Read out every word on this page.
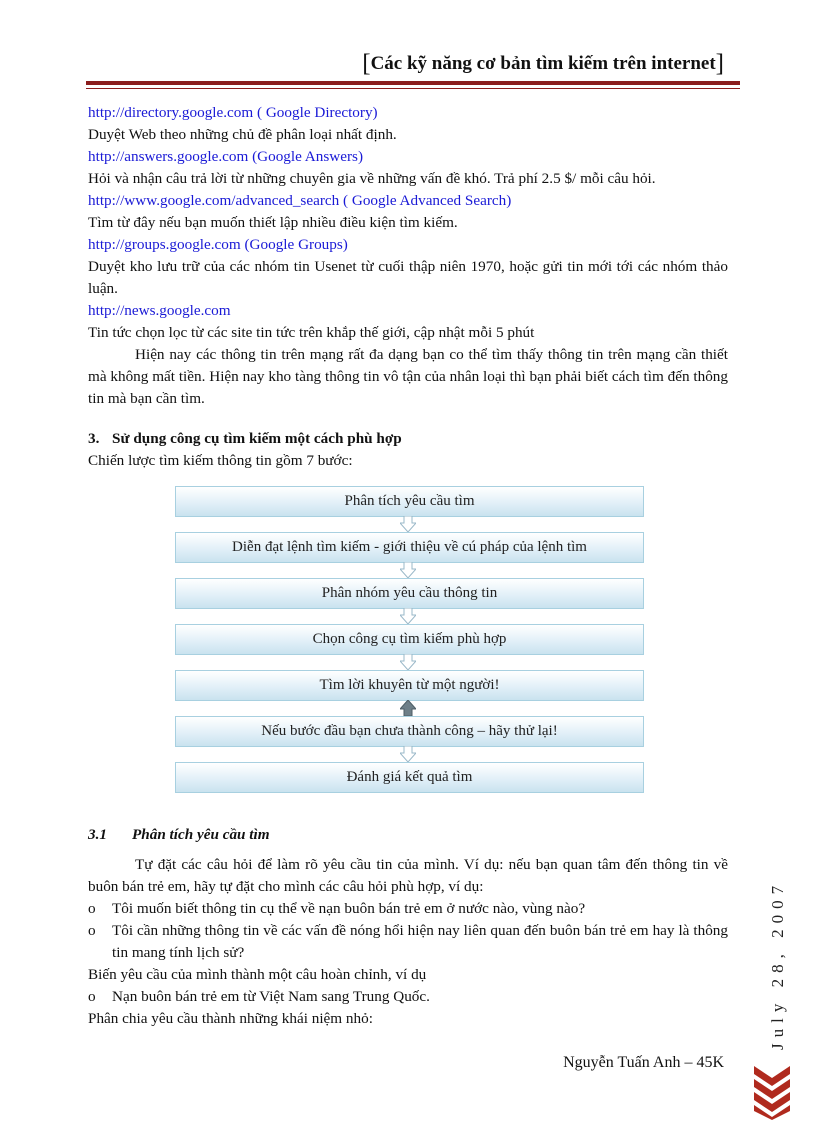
[Các kỹ năng cơ bản tìm kiếm trên internet]

http://directory.google.com ( Google Directory)

Duyệt Web theo những chủ đề phân loại nhất định.

http://answers.google.com (Google Answers)

Hỏi và nhận câu trả lời từ những chuyên gia về những vấn đề khó. Trả phí 2.5 $/ mỗi câu hỏi.

http://www.google.com/advanced_search ( Google Advanced Search)

Tìm từ đây nếu bạn muốn thiết lập nhiều điều kiện tìm kiếm.

http://groups.google.com (Google Groups)

Duyệt kho lưu trữ của các nhóm tin Usenet từ cuối thập niên 1970, hoặc gửi tin mới tới các nhóm thảo luận.

http://news.google.com

Tin tức chọn lọc từ các site tin tức trên khắp thế giới, cập nhật mỗi 5 phút

Hiện nay các thông tin trên mạng rất đa dạng bạn co thể tìm thấy thông tin trên mạng cần thiết mà không mất tiền. Hiện nay kho tàng thông tin vô tận của nhân loại thì bạn phải biết cách tìm đến thông tin mà bạn cần tìm.

3. Sử dụng công cụ tìm kiếm một cách phù hợp

Chiến lược tìm kiếm thông tin gồm 7 bước:

Phân tích yêu cầu tìm
Diễn đạt lệnh tìm kiếm - giới thiệu về cú pháp của lệnh tìm
Phân nhóm yêu cầu thông tin
Chọn công cụ tìm kiếm phù hợp
Tìm lời khuyên từ một người!
Nếu bước đầu bạn chưa thành công – hãy thử lại!
Đánh giá kết quả tìm

3.1 Phân tích yêu cầu tìm

Tự đặt các câu hỏi để làm rõ yêu cầu tin của mình. Ví dụ: nếu bạn quan tâm đến thông tin về buôn bán trẻ em, hãy tự đặt cho mình các câu hỏi phù hợp, ví dụ:

o Tôi muốn biết thông tin cụ thể về nạn buôn bán trẻ em ở nước nào, vùng nào?
o Tôi cần những thông tin về các vấn đề nóng hổi hiện nay liên quan đến buôn bán trẻ em hay là thông tin mang tính lịch sử?

Biến yêu cầu của mình thành một câu hoàn chỉnh, ví dụ

o Nạn buôn bán trẻ em từ Việt Nam sang Trung Quốc.

Phân chia yêu cầu thành những khái niệm nhỏ:

Nguyễn Tuấn Anh – 45K
July 28, 2007
